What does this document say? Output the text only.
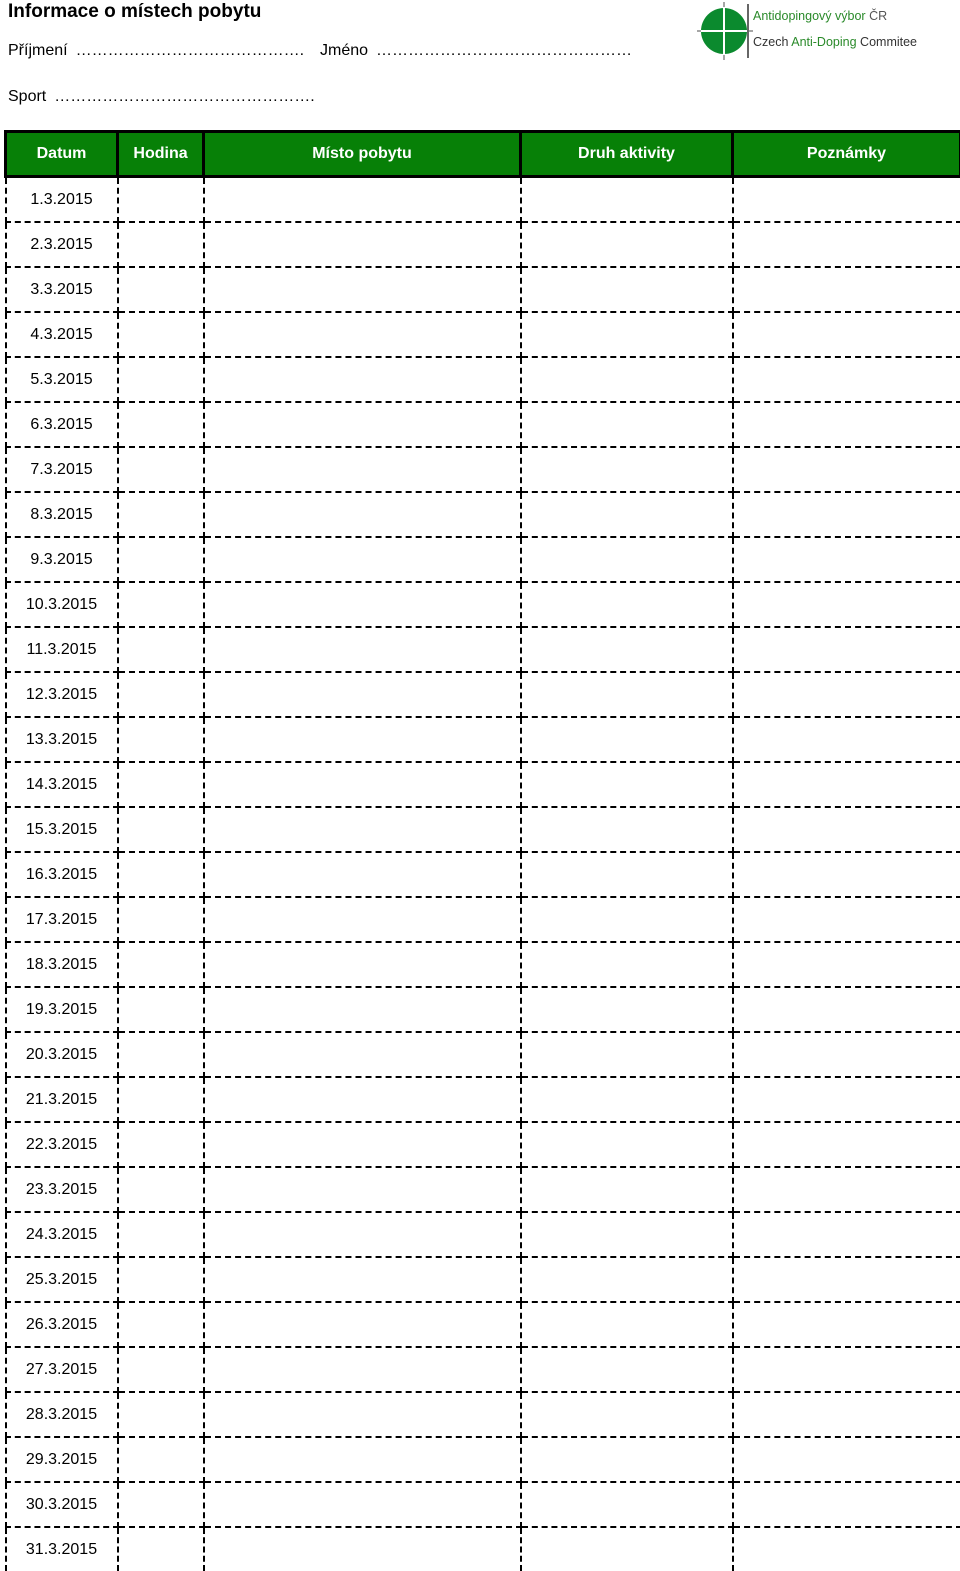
Informace o místech pobytu
Příjmení ……………………………………. Jméno …………………………………………
Sport ………………………………………….
Antidopingový výbor ČR
Czech Anti-Doping Commitee
Datum	Hodina	Místo pobytu	Druh aktivity	Poznámky
1.3.2015				
2.3.2015				
3.3.2015				
4.3.2015				
5.3.2015				
6.3.2015				
7.3.2015				
8.3.2015				
9.3.2015				
10.3.2015				
11.3.2015				
12.3.2015				
13.3.2015				
14.3.2015				
15.3.2015				
16.3.2015				
17.3.2015				
18.3.2015				
19.3.2015				
20.3.2015				
21.3.2015				
22.3.2015				
23.3.2015				
24.3.2015				
25.3.2015				
26.3.2015				
27.3.2015				
28.3.2015				
29.3.2015				
30.3.2015				
31.3.2015				
